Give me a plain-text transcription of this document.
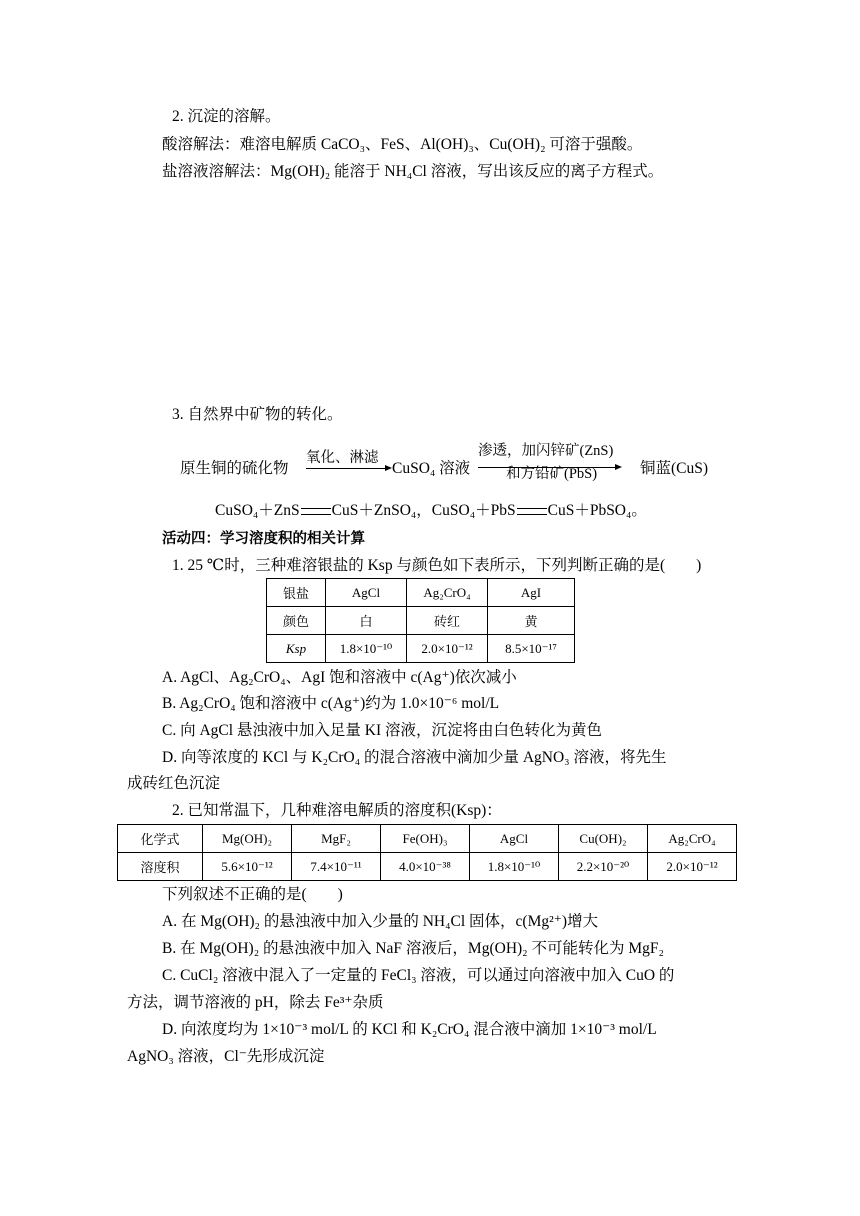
2. 沉淀的溶解。
酸溶解法：难溶电解质 CaCO₃、FeS、Al(OH)₃、Cu(OH)₂ 可溶于强酸。
盐溶液溶解法：Mg(OH)₂ 能溶于 NH₄Cl 溶液，写出该反应的离子方程式。
3. 自然界中矿物的转化。
原生铜的硫化物
氧化、淋滤
CuSO₄ 溶液
渗透，加闪锌矿(ZnS)
和方铅矿(PbS)	铜蓝(CuS)
CuSO₄＋ZnS CuS＋ZnSO₄，CuSO₄＋PbS CuS＋PbSO₄。
活动四：学习溶度积的相关计算
1. 25 ℃时，三种难溶银盐的 Ksp 与颜色如下表所示，下列判断正确的是(　　)
银盐	AgCl	Ag₂CrO₄	AgI
颜色	白	砖红	黄
Ksp	1.8×10⁻¹⁰	2.0×10⁻¹²	8.5×10⁻¹⁷
A. AgCl、Ag₂CrO₄、AgI 饱和溶液中 c(Ag⁺)依次减小
B. Ag₂CrO₄ 饱和溶液中 c(Ag⁺)约为 1.0×10⁻⁶ mol/L
C. 向 AgCl 悬浊液中加入足量 KI 溶液，沉淀将由白色转化为黄色
D. 向等浓度的 KCl 与 K₂CrO₄ 的混合溶液中滴加少量 AgNO₃ 溶液，将先生
成砖红色沉淀
2. 已知常温下，几种难溶电解质的溶度积(Ksp)：
化学式	Mg(OH)₂	MgF₂	Fe(OH)₃	AgCl	Cu(OH)₂	Ag₂CrO₄
溶度积	5.6×10⁻¹²	7.4×10⁻¹¹	4.0×10⁻³⁸	1.8×10⁻¹⁰	2.2×10⁻²⁰	2.0×10⁻¹²
下列叙述不正确的是(　　)
A. 在 Mg(OH)₂ 的悬浊液中加入少量的 NH₄Cl 固体，c(Mg²⁺)增大
B. 在 Mg(OH)₂ 的悬浊液中加入 NaF 溶液后，Mg(OH)₂ 不可能转化为 MgF₂
C. CuCl₂ 溶液中混入了一定量的 FeCl₃ 溶液，可以通过向溶液中加入 CuO 的
方法，调节溶液的 pH，除去 Fe³⁺杂质
D. 向浓度均为 1×10⁻³ mol/L 的 KCl 和 K₂CrO₄ 混合液中滴加 1×10⁻³ mol/L
AgNO₃ 溶液，Cl⁻先形成沉淀
